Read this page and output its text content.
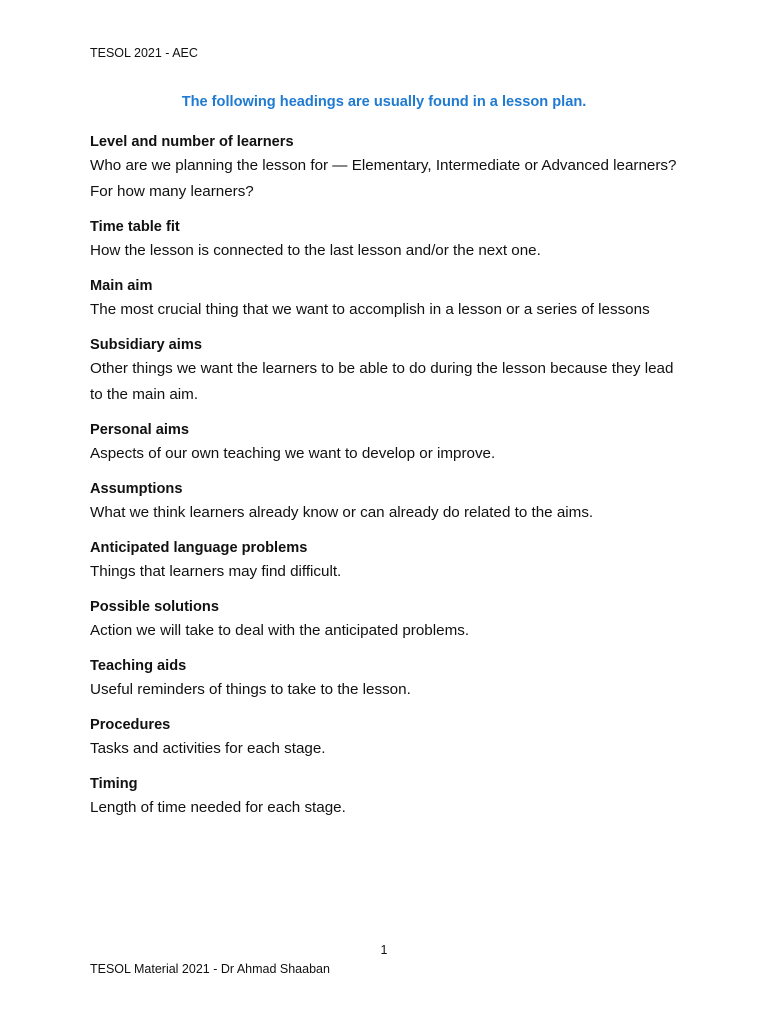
TESOL 2021 - AEC
The following headings are usually found in a lesson plan.

Level and number of learners

Who are we planning the lesson for — Elementary, Intermediate or Advanced learners? For how many learners?

Time table fit

How the lesson is connected to the last lesson and/or the next one.

Main aim

The most crucial thing that we want to accomplish in a lesson or a series of lessons

Subsidiary aims

Other things we want the learners to be able to do during the lesson because they lead to the main aim.

Personal aims

Aspects of our own teaching we want to develop or improve.

Assumptions

What we think learners already know or can already do related to the aims.

Anticipated language problems

Things that learners may find difficult.

Possible solutions

Action we will take to deal with the anticipated problems.

Teaching aids

Useful reminders of things to take to the lesson.

Procedures

Tasks and activities for each stage.

Timing

Length of time needed for each stage.

1
TESOL Material 2021 - Dr Ahmad Shaaban
